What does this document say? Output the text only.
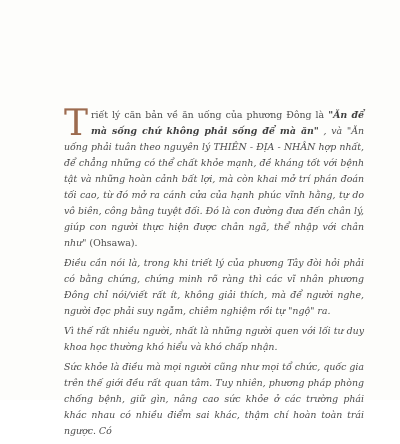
T riết lý căn bản về ăn uống của phương Đông là "Ăn để mà sống chứ không phải sống để mà ăn" , và "Ăn uống phải tuân theo nguyên lý THIÊN - ĐỊA - NHÂN hợp nhất, để chẳng những có thể chất khỏe mạnh, đề kháng tốt với bệnh tật và những hoàn cảnh bất lợi, mà còn khai mở trí phán đoán tối cao, từ đó mở ra cánh cửa của hạnh phúc vĩnh hằng, tự do vô biên, công bằng tuyệt đối. Đó là con đường đưa đến chân lý, giúp con người thực hiện được chân ngã, thể nhập với chân như" (Ohsawa).

Điều cần nói là, trong khi triết lý của phương Tây đòi hỏi phải có bằng chứng, chứng minh rõ ràng thì các vĩ nhân phương Đông chỉ nói/viết rất ít, không giải thích, mà để người nghe, người đọc phải suy ngẫm, chiêm nghiệm rồi tự "ngộ" ra.

Vì thế rất nhiều người, nhất là những người quen với lối tư duy khoa học thường khó hiểu và khó chấp nhận.

Sức khỏe là điều mà mọi người cũng như mọi tổ chức, quốc gia trên thế giới đều rất quan tâm. Tuy nhiên, phương pháp phòng chống bệnh, giữ gìn, nâng cao sức khỏe ở các trường phái khác nhau có nhiều điểm sai khác, thậm chí hoàn toàn trái ngược. Có
